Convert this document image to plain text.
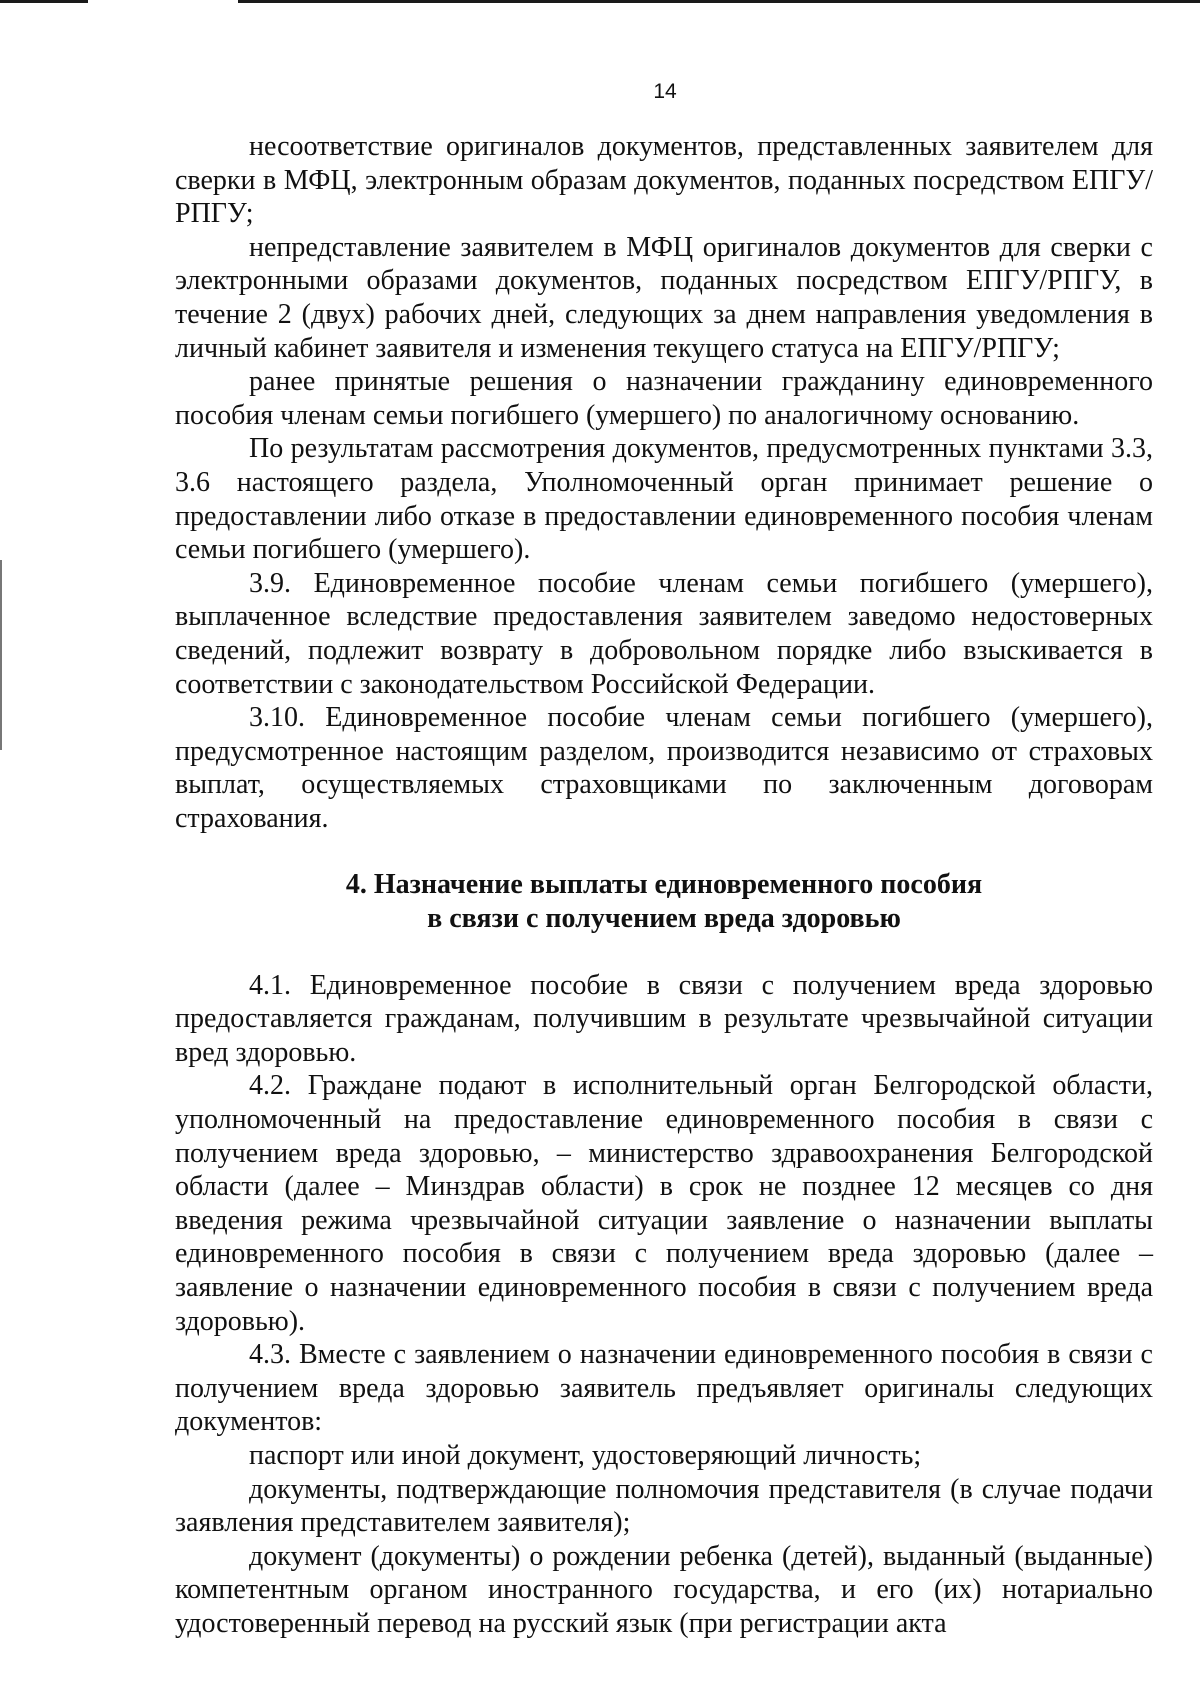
14

несоответствие оригиналов документов, представленных заявителем для сверки в МФЦ, электронным образам документов, поданных посредством ЕПГУ/РПГУ;

непредставление заявителем в МФЦ оригиналов документов для сверки с электронными образами документов, поданных посредством ЕПГУ/РПГУ, в течение 2 (двух) рабочих дней, следующих за днем направления уведомления в личный кабинет заявителя и изменения текущего статуса на ЕПГУ/РПГУ;

ранее принятые решения о назначении гражданину единовременного пособия членам семьи погибшего (умершего) по аналогичному основанию.

По результатам рассмотрения документов, предусмотренных пунктами 3.3, 3.6 настоящего раздела, Уполномоченный орган принимает решение о предоставлении либо отказе в предоставлении единовременного пособия членам семьи погибшего (умершего).

3.9. Единовременное пособие членам семьи погибшего (умершего), выплаченное вследствие предоставления заявителем заведомо недостоверных сведений, подлежит возврату в добровольном порядке либо взыскивается в соответствии с законодательством Российской Федерации.

3.10. Единовременное пособие членам семьи погибшего (умершего), предусмотренное настоящим разделом, производится независимо от страховых выплат, осуществляемых страховщиками по заключенным договорам страхования.

4. Назначение выплаты единовременного пособия
в связи с получением вреда здоровью

4.1. Единовременное пособие в связи с получением вреда здоровью предоставляется гражданам, получившим в результате чрезвычайной ситуации вред здоровью.

4.2. Граждане подают в исполнительный орган Белгородской области, уполномоченный на предоставление единовременного пособия в связи с получением вреда здоровью, – министерство здравоохранения Белгородской области (далее – Минздрав области) в срок не позднее 12 месяцев со дня введения режима чрезвычайной ситуации заявление о назначении выплаты единовременного пособия в связи с получением вреда здоровью (далее – заявление о назначении единовременного пособия в связи с получением вреда здоровью).

4.3. Вместе с заявлением о назначении единовременного пособия в связи с получением вреда здоровью заявитель предъявляет оригиналы следующих документов:

паспорт или иной документ, удостоверяющий личность;

документы, подтверждающие полномочия представителя (в случае подачи заявления представителем заявителя);

документ (документы) о рождении ребенка (детей), выданный (выданные) компетентным органом иностранного государства, и его (их) нотариально удостоверенный перевод на русский язык (при регистрации акта
